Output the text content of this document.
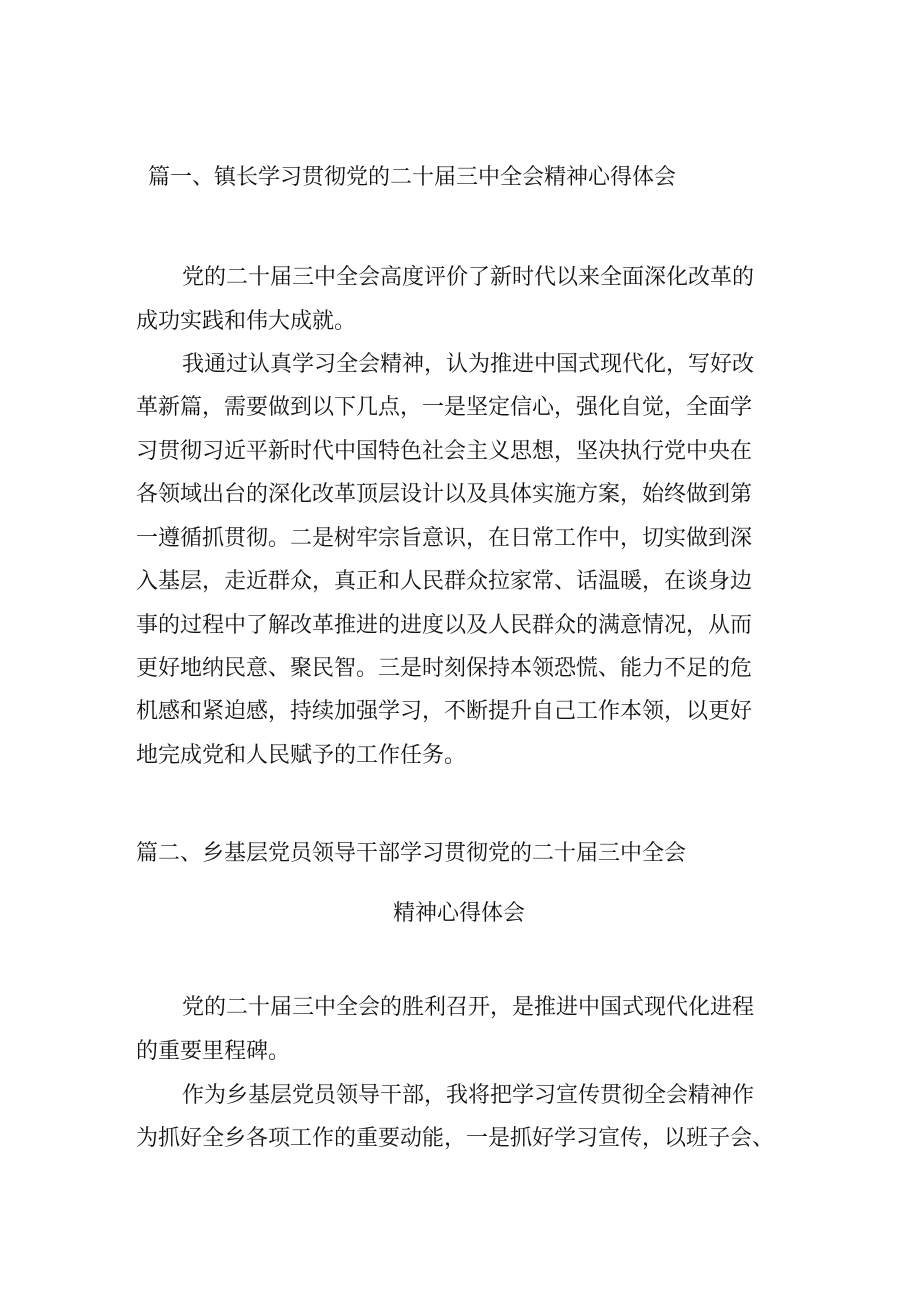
篇一、镇长学习贯彻党的二十届三中全会精神心得体会
党的二十届三中全会高度评价了新时代以来全面深化改革的
成功实践和伟大成就。
我通过认真学习全会精神，认为推进中国式现代化，写好改
革新篇，需要做到以下几点，一是坚定信心，强化自觉，全面学
习贯彻习近平新时代中国特色社会主义思想，坚决执行党中央在
各领域出台的深化改革顶层设计以及具体实施方案，始终做到第
一遵循抓贯彻。二是树牢宗旨意识，在日常工作中，切实做到深
入基层，走近群众，真正和人民群众拉家常、话温暖，在谈身边
事的过程中了解改革推进的进度以及人民群众的满意情况，从而
更好地纳民意、聚民智。三是时刻保持本领恐慌、能力不足的危
机感和紧迫感，持续加强学习，不断提升自己工作本领，以更好
地完成党和人民赋予的工作任务。
篇二、乡基层党员领导干部学习贯彻党的二十届三中全会
精神心得体会
党的二十届三中全会的胜利召开，是推进中国式现代化进程
的重要里程碑。
作为乡基层党员领导干部，我将把学习宣传贯彻全会精神作
为抓好全乡各项工作的重要动能，一是抓好学习宣传，以班子会、
